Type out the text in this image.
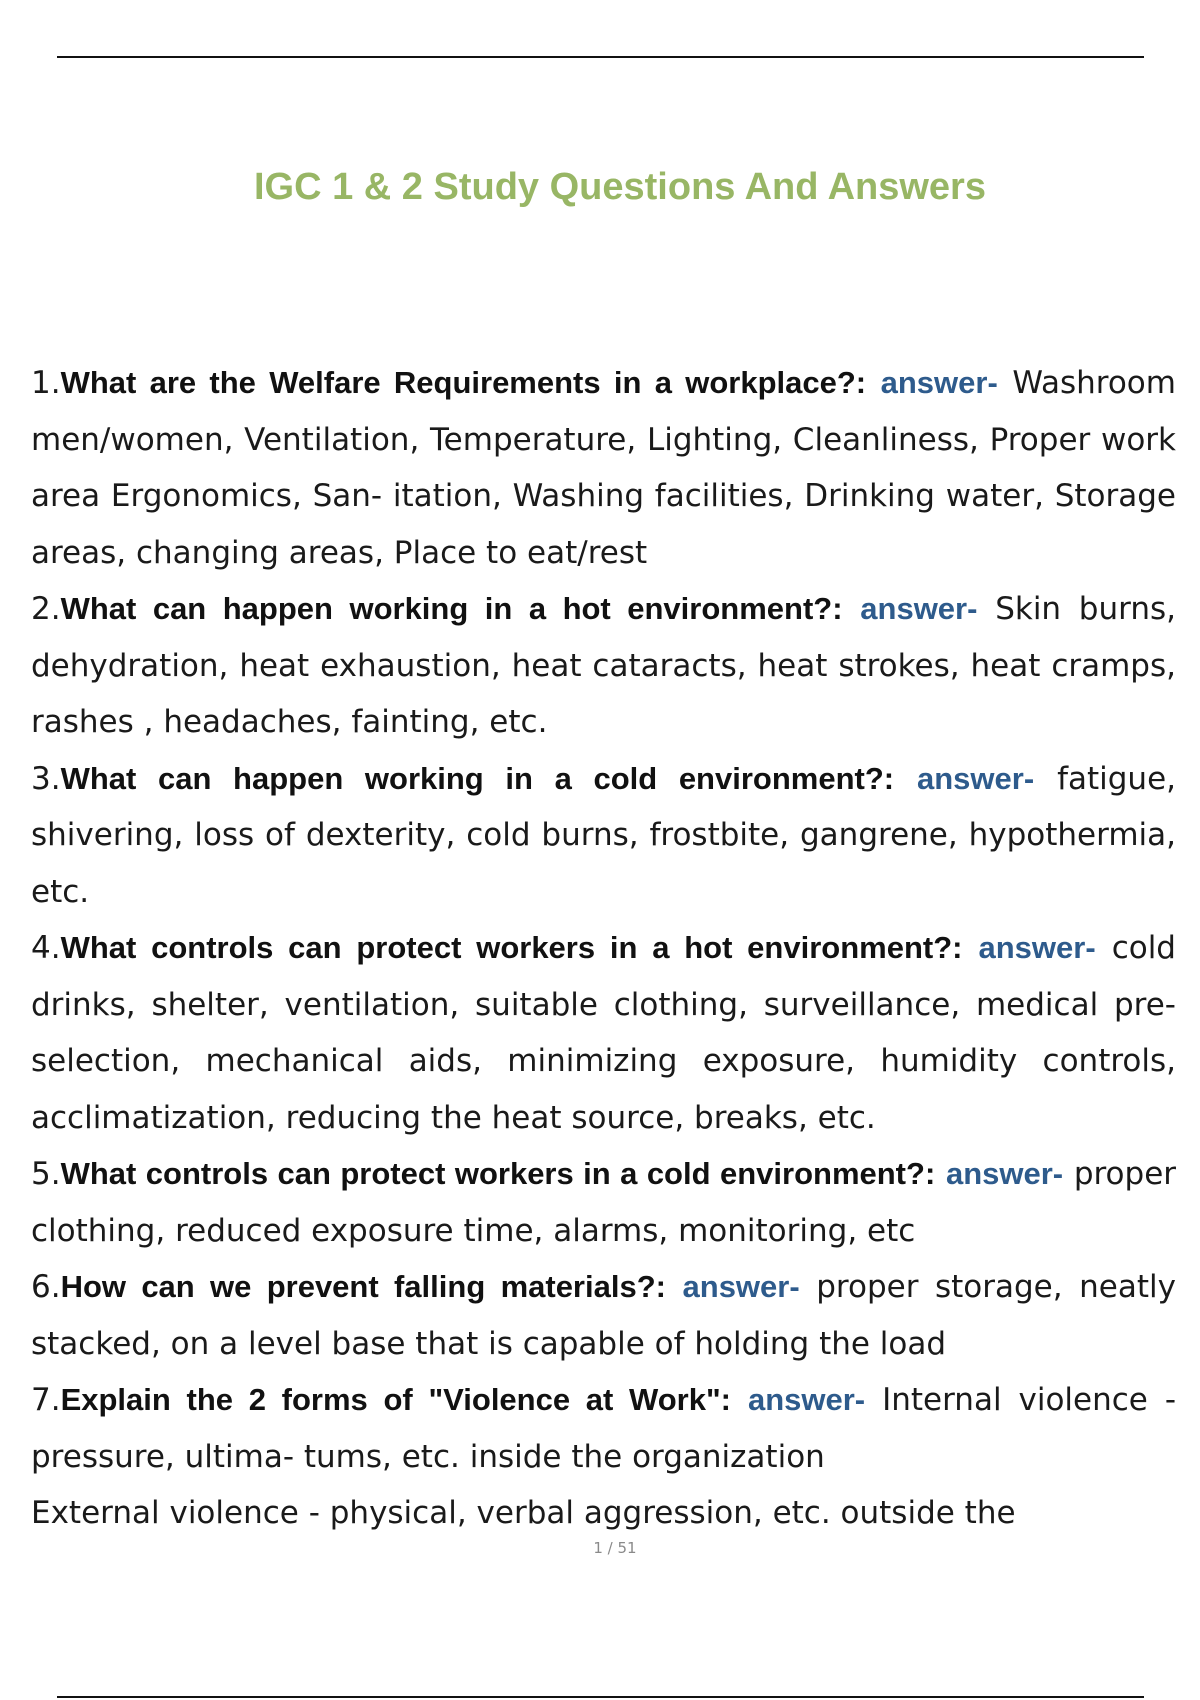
IGC 1 & 2 Study Questions And Answers
1.What are the Welfare Requirements in a workplace?: answer- Washroom men/women, Ventilation, Temperature, Lighting, Cleanliness, Proper work area Ergonomics, San- itation, Washing facilities, Drinking water, Storage areas, changing areas, Place to eat/rest
2.What can happen working in a hot environment?: answer- Skin burns, dehydration, heat exhaustion, heat cataracts, heat strokes, heat cramps, rashes , headaches, fainting, etc.
3.What can happen working in a cold environment?: answer- fatigue, shivering, loss of dexterity, cold burns, frostbite, gangrene, hypothermia, etc.
4.What controls can protect workers in a hot environment?: answer- cold drinks, shelter, ventilation, suitable clothing, surveillance, medical pre- selection, mechanical aids, minimizing exposure, humidity controls, acclimatization, reducing the heat source, breaks, etc.
5.What controls can protect workers in a cold environment?: answer- proper clothing, reduced exposure time, alarms, monitoring, etc
6.How can we prevent falling materials?: answer- proper storage, neatly stacked, on a level base that is capable of holding the load
7.Explain the 2 forms of "Violence at Work": answer- Internal violence - pressure, ultima- tums, etc. inside the organization
External violence - physical, verbal aggression, etc. outside the
1 / 51
